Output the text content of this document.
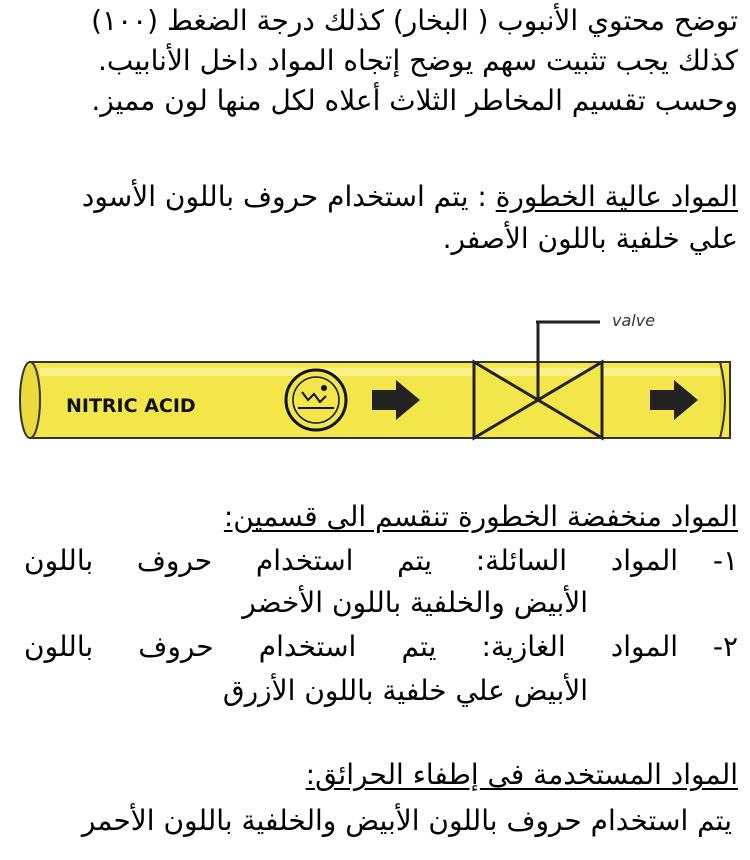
توضح محتوي الأنبوب ( البخار) كذلك درجة الضغط (١٠٠)
كذلك يجب تثبيت سهم يوضح إتجاه المواد داخل الأنابيب.
وحسب تقسيم المخاطر الثلاث أعلاه لكل منها لون مميز.
المواد عالية الخطورة : يتم استخدام حروف باللون الأسود
علي خلفية باللون الأصفر.
NITRIC ACID
valve
المواد منخفضة الخطورة تنقسم الى قسمين:
١-المواد السائلة: يتم استخدام حروف باللون
الأبيض والخلفية باللون الأخضر
٢-المواد الغازية: يتم استخدام حروف باللون
الأبيض علي خلفية باللون الأزرق
المواد المستخدمة فى إطفاء الحرائق:
يتم استخدام حروف باللون الأبيض والخلفية باللون الأحمر
